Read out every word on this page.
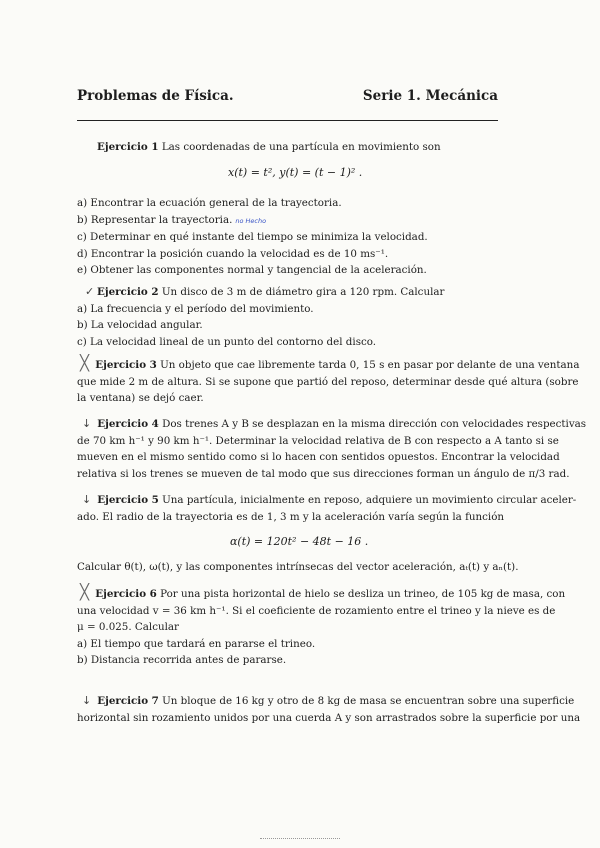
Problemas de Física.	Serie 1. Mecánica
Ejercicio 1 Las coordenadas de una partícula en movimiento son
x(t) = t², y(t) = (t − 1)² .
a) Encontrar la ecuación general de la trayectoria.
b) Representar la trayectoria. no Hecho
c) Determinar en qué instante del tiempo se minimiza la velocidad.
d) Encontrar la posición cuando la velocidad es de 10 ms⁻¹.
e) Obtener las componentes normal y tangencial de la aceleración.
✓ Ejercicio 2 Un disco de 3 m de diámetro gira a 120 rpm. Calcular
a) La frecuencia y el período del movimiento.
b) La velocidad angular.
c) La velocidad lineal de un punto del contorno del disco.
╳ Ejercicio 3 Un objeto que cae libremente tarda 0, 15 s en pasar por delante de una ventana
que mide 2 m de altura. Si se supone que partió del reposo, determinar desde qué altura (sobre
la ventana) se dejó caer.
↓ Ejercicio 4 Dos trenes A y B se desplazan en la misma dirección con velocidades respectivas
de 70 km h⁻¹ y 90 km h⁻¹. Determinar la velocidad relativa de B con respecto a A tanto si se
mueven en el mismo sentido como si lo hacen con sentidos opuestos. Encontrar la velocidad
relativa si los trenes se mueven de tal modo que sus direcciones forman un ángulo de π/3 rad.
↓ Ejercicio 5 Una partícula, inicialmente en reposo, adquiere un movimiento circular aceler-
ado. El radio de la trayectoria es de 1, 3 m y la aceleración varía según la función
α(t) = 120t² − 48t − 16 .
Calcular θ(t), ω(t), y las componentes intrínsecas del vector aceleración, aₜ(t) y aₙ(t).
╳ Ejercicio 6 Por una pista horizontal de hielo se desliza un trineo, de 105 kg de masa, con
una velocidad v = 36 km h⁻¹. Si el coeficiente de rozamiento entre el trineo y la nieve es de
μ = 0.025. Calcular
a) El tiempo que tardará en pararse el trineo.
b) Distancia recorrida antes de pararse.
↓ Ejercicio 7 Un bloque de 16 kg y otro de 8 kg de masa se encuentran sobre una superficie
horizontal sin rozamiento unidos por una cuerda A y son arrastrados sobre la superficie por una
